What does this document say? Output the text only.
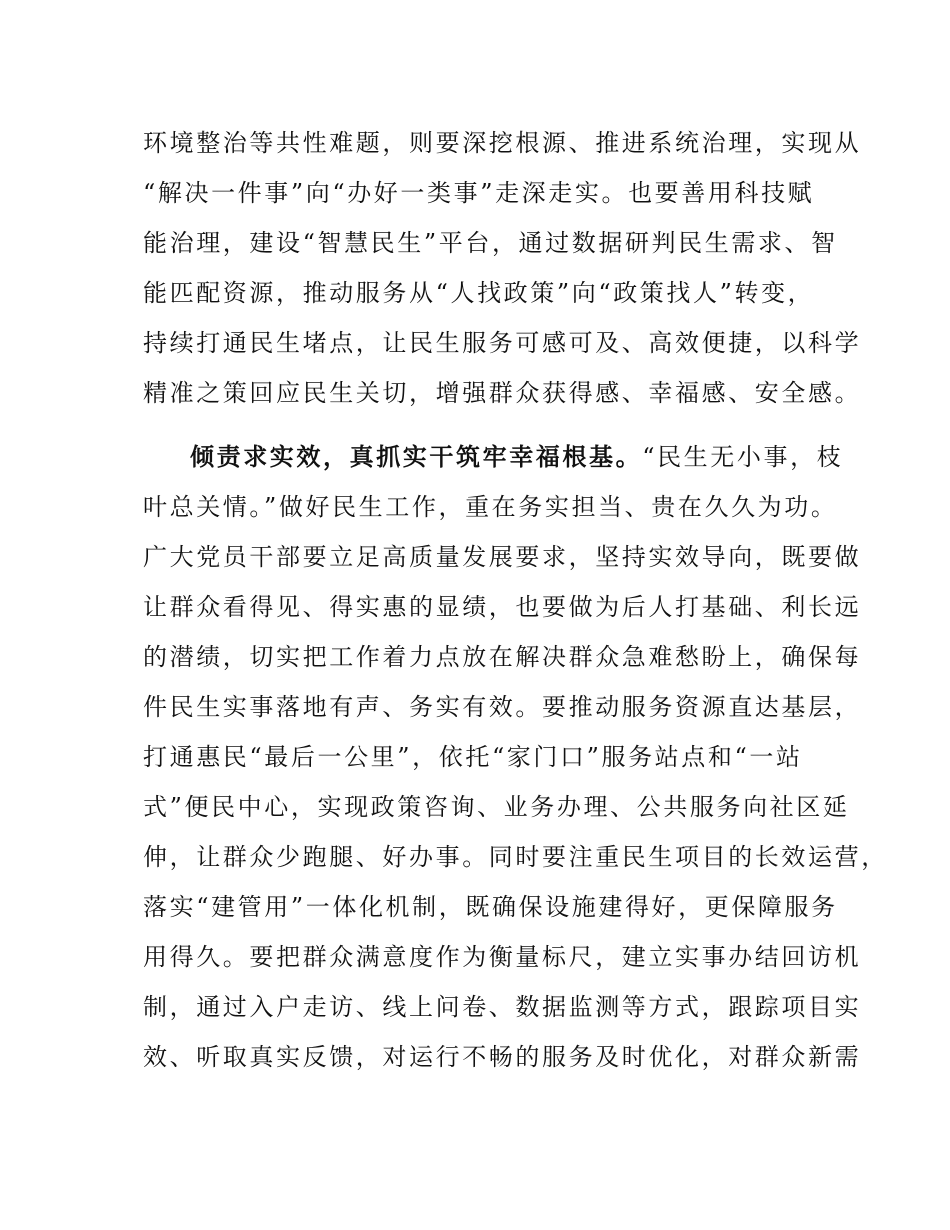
环境整治等共性难题，则要深挖根源、推进系统治理，实现从
“解决一件事”向“办好一类事”走深走实。也要善用科技赋
能治理，建设“智慧民生”平台，通过数据研判民生需求、智
能匹配资源，推动服务从“人找政策”向“政策找人”转变，
持续打通民生堵点，让民生服务可感可及、高效便捷，以科学
精准之策回应民生关切，增强群众获得感、幸福感、安全感。
倾责求实效，真抓实干筑牢幸福根基。“民生无小事，枝
叶总关情。”做好民生工作，重在务实担当、贵在久久为功。
广大党员干部要立足高质量发展要求，坚持实效导向，既要做
让群众看得见、得实惠的显绩，也要做为后人打基础、利长远
的潜绩，切实把工作着力点放在解决群众急难愁盼上，确保每
件民生实事落地有声、务实有效。要推动服务资源直达基层，
打通惠民“最后一公里”，依托“家门口”服务站点和“一站
式”便民中心，实现政策咨询、业务办理、公共服务向社区延
伸，让群众少跑腿、好办事。同时要注重民生项目的长效运营，
落实“建管用”一体化机制，既确保设施建得好，更保障服务
用得久。要把群众满意度作为衡量标尺，建立实事办结回访机
制，通过入户走访、线上问卷、数据监测等方式，跟踪项目实
效、听取真实反馈，对运行不畅的服务及时优化，对群众新需
